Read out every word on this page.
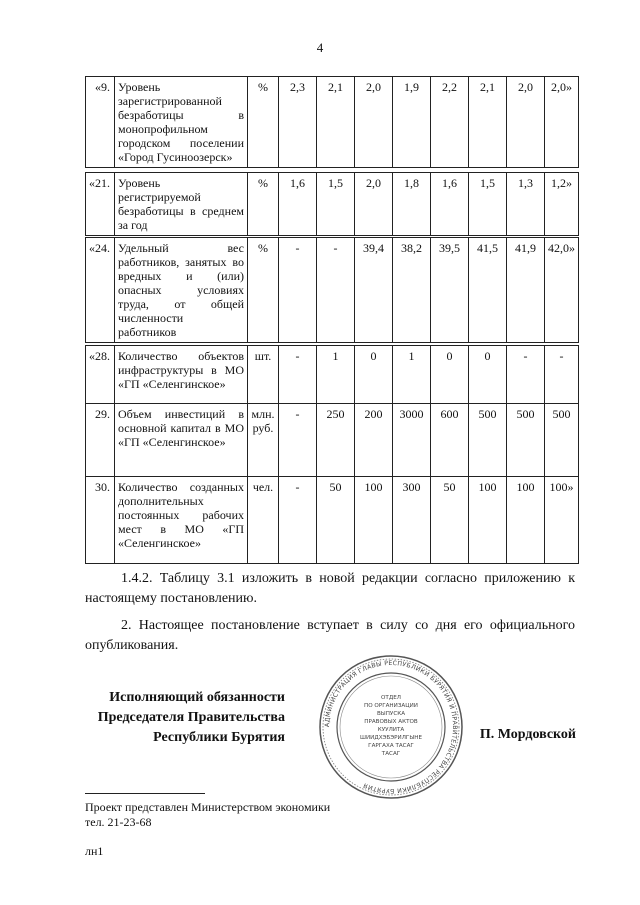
4
«9.	Уровень зарегистрированной безработицы в монопрофильном городском поселении «Город Гусиноозерск»	%	2,3	2,1	2,0	1,9	2,2	2,1	2,0	2,0»
«21.	Уровень регистрируемой безработицы в среднем за год	%	1,6	1,5	2,0	1,8	1,6	1,5	1,3	1,2»
«24.	Удельный вес работников, занятых во вредных и (или) опасных условиях труда, от общей численности работников	%	-	-	39,4	38,2	39,5	41,5	41,9	42,0»
«28.	Количество объектов инфраструктуры в МО «ГП «Селенгинское»	шт.	-	1	0	1	0	0	-	-
29.	Объем инвестиций в основной капитал в МО «ГП «Селенгинское»	млн. руб.	-	250	200	3000	600	500	500	500
30.	Количество созданных дополнительных постоянных рабочих мест в МО «ГП «Селенгинское»	чел.	-	50	100	300	50	100	100	100»

1.4.2. Таблицу 3.1 изложить в новой редакции согласно приложению к настоящему постановлению.

2. Настоящее постановление вступает в силу со дня его официального опубликования.

Исполняющий обязанности
Председателя Правительства
Республики Бурятия
АДМИНИСТРАЦИЯ ГЛАВЫ РЕСПУБЛИКИ БУРЯТИЯ И ПРАВИТЕЛЬСТВА РЕСПУБЛИКИ БУРЯТИЯ
ОТДЕЛ
ПО ОРГАНИЗАЦИИ
ВЫПУСКА
ПРАВОВЫХ АКТОВ
КУУЛИТА
ШИИДХЭБЭРИЛГЫНЕ
ГАРГАХА ТАСАГ
ТАСАГ
П. Мордовской
Проект представлен Министерством экономики
тел. 21-23-68
лн1
